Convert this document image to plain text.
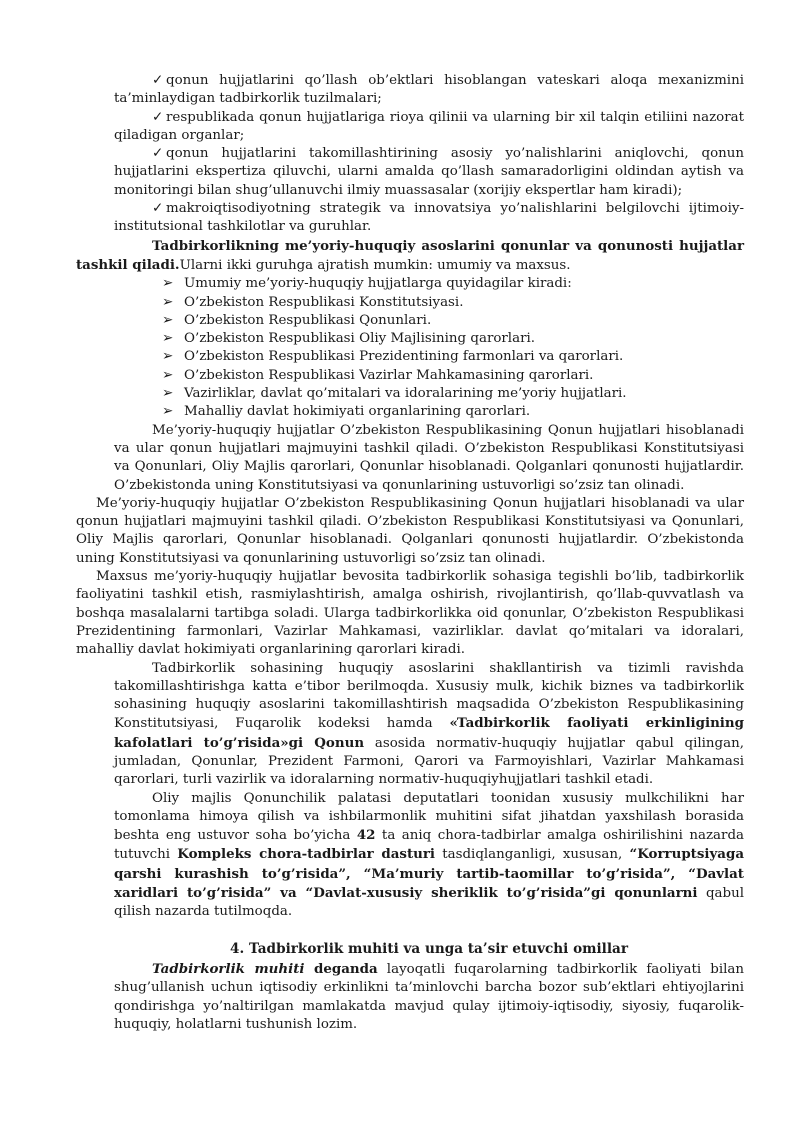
✓ qonun hujjatlarini qo’llash ob’ektlari hisoblangan vateskari aloqa mexanizmini ta’minlaydigan tadbirkorlik tuzilmalari;

✓ respublikada qonun hujjatlariga rioya qilinii va ularning bir xil talqin etiliini nazorat qiladigan organlar;

✓ qonun hujjatlarini takomillashtirining asosiy yo’nalishlarini aniqlovchi, qonun hujjatlarini ekspertiza qiluvchi, ularni amalda qo’llash samaradorligini oldindan aytish va monitoringi bilan shug’ullanuvchi ilmiy muassasalar (xorijiy ekspertlar ham kiradi);

✓ makroiqtisodiyotning strategik va innovatsiya yo’nalishlarini belgilovchi ijtimoiy-institutsional tashkilotlar va guruhlar.

Tadbirkorlikning me’yoriy-huquqiy asoslarini qonunlar va qonunosti hujjatlar tashkil qiladi.Ularni ikki guruhga ajratish mumkin: umumiy va maxsus.

➢ Umumiy me’yoriy-huquqiy hujjatlarga quyidagilar kiradi:
➢ O’zbekiston Respublikasi Konstitutsiyasi.
➢ O’zbekiston Respublikasi Qonunlari.
➢ O’zbekiston Respublikasi Oliy Majlisining qarorlari.
➢ O’zbekiston Respublikasi Prezidentining farmonlari va qarorlari.
➢ O’zbekiston Respublikasi Vazirlar Mahkamasining qarorlari.
➢ Vazirliklar, davlat qo’mitalari va idoralarining me’yoriy hujjatlari.
➢ Mahalliy davlat hokimiyati organlarining qarorlari.

Me’yoriy-huquqiy hujjatlar O’zbekiston Respublikasining Qonun hujjatlari hisoblanadi va ular qonun hujjatlari majmuyini tashkil qiladi. O’zbekiston Respublikasi Konstitutsiyasi va Qonunlari, Oliy Majlis qarorlari, Qonunlar hisoblanadi. Qolganlari qonunosti hujjatlardir. O’zbekistonda uning Konstitutsiyasi va qonunlarining ustuvorligi so’zsiz tan olinadi.

Me’yoriy-huquqiy hujjatlar O’zbekiston Respublikasining Qonun hujjatlari hisoblanadi va ular qonun hujjatlari majmuyini tashkil qiladi. O’zbekiston Respublikasi Konstitutsiyasi va Qonunlari, Oliy Majlis qarorlari, Qonunlar hisoblanadi. Qolganlari qonunosti hujjatlardir. O’zbekistonda uning Konstitutsiyasi va qonunlarining ustuvorligi so’zsiz tan olinadi.

Maxsus me’yoriy-huquqiy hujjatlar bevosita tadbirkorlik sohasiga tegishli bo’lib, tadbirkorlik faoliyatini tashkil etish, rasmiylashtirish, amalga oshirish, rivojlantirish, qo’llab-quvvatlash va boshqa masalalarni tartibga soladi. Ularga tadbirkorlikka oid qonunlar, O’zbekiston Respublikasi Prezidentining farmonlari, Vazirlar Mahkamasi, vazirliklar. davlat qo’mitalari va idoralari, mahalliy davlat hokimiyati organlarining qarorlari kiradi.

Tadbirkorlik sohasining huquqiy asoslarini shakllantirish va tizimli ravishda takomillashtirishga katta e’tibor berilmoqda. Xususiy mulk, kichik biznes va tadbirkorlik sohasining huquqiy asoslarini takomillashtirish maqsadida O’zbekiston Respublikasining Konstitutsiyasi, Fuqarolik kodeksi hamda «Tadbirkorlik faoliyati erkinligining kafolatlari to’g’risida»gi Qonun asosida normativ-huquqiy hujjatlar qabul qilingan, jumladan, Qonunlar, Prezident Farmoni, Qarori va Farmoyishlari, Vazirlar Mahkamasi qarorlari, turli vazirlik va idoralarning normativ-huquqiyhujjatlari tashkil etadi.

Oliy majlis Qonunchilik palatasi deputatlari toonidan xususiy mulkchilikni har tomonlama himoya qilish va ishbilarmonlik muhitini sifat jihatdan yaxshilash borasida beshta eng ustuvor soha bo’yicha 42 ta aniq chora-tadbirlar amalga oshirilishini nazarda tutuvchi Kompleks chora-tadbirlar dasturi tasdiqlanganligi, xususan, “Korruptsiyaga qarshi kurashish to’g’risida”, “Ma’muriy tartib-taomillar to’g’risida”, “Davlat xaridlari to’g’risida” va “Davlat-xususiy sheriklik to’g’risida”gi qonunlarni qabul qilish nazarda tutilmoqda.

4. Tadbirkorlik muhiti va unga ta’sir etuvchi omillar

Tadbirkorlik muhiti deganda layoqatli fuqarolarning tadbirkorlik faoliyati bilan shug’ullanish uchun iqtisodiy erkinlikni ta’minlovchi barcha bozor sub’ektlari ehtiyojlarini qondirishga yo’naltirilgan mamlakatda mavjud qulay ijtimoiy-iqtisodiy, siyosiy, fuqarolik-huquqiy, holatlarni tushunish lozim.
